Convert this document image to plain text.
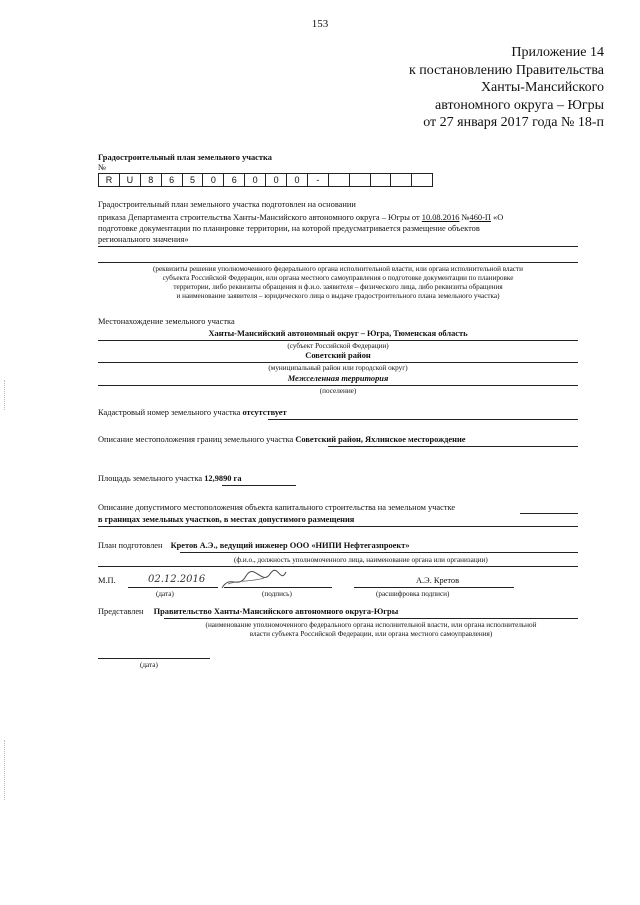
153
Приложение 14
к постановлению Правительства
Ханты-Мансийского
автономного округа – Югры
от 27 января 2017 года № 18-п
Градостроительный план земельного участка
№
R	U	8	6	5	0	6	0	0	0	-					
Градостроительный план земельного участка подготовлен на основании
приказа Департамента строительства Ханты-Мансийского автономного округа – Югры от 10.08.2016 №460-П «О
подготовке документации по планировке территории, на которой предусматривается размещение объектов
регионального значения»
(реквизиты решения уполномоченного федерального органа исполнительной власти, или органа исполнительной власти
субъекта Российской Федерации, или органа местного самоуправления о подготовке документации по планировке
территории, либо реквизиты обращения и ф.и.о. заявителя – физического лица, либо реквизиты обращения
и наименование заявителя – юридического лица о выдаче градостроительного плана земельного участка)
Местонахождение земельного участка
Ханты-Мансийский автономный округ – Югра, Тюменская область
(субъект Российской Федерации)
Советский район
(муниципальный район или городской округ)
Межселенная территория
(поселение)
Кадастровый номер земельного участка отсутствует
Описание местоположения границ земельного участка Советский район, Яхлинское месторождение
Площадь земельного участка 12,9890 га
Описание допустимого местоположения объекта капитального строительства на земельном участке
в границах земельных участков, в местах допустимого размещения
План подготовлен Кретов А.Э., ведущий инженер ООО «НИПИ Нефтегазпроект»
(ф.и.о., должность уполномоченного лица, наименование органа или организации)
М.П.	02.12.2016
(дата)	(подпись)
А.Э. Кретов
(расшифровка подписи)
Представлен Правительство Ханты-Мансийского автономного округа-Югры
(наименование уполномоченного федерального органа исполнительной власти, или органа исполнительной
власти субъекта Российской Федерации, или органа местного самоуправления)
(дата)
